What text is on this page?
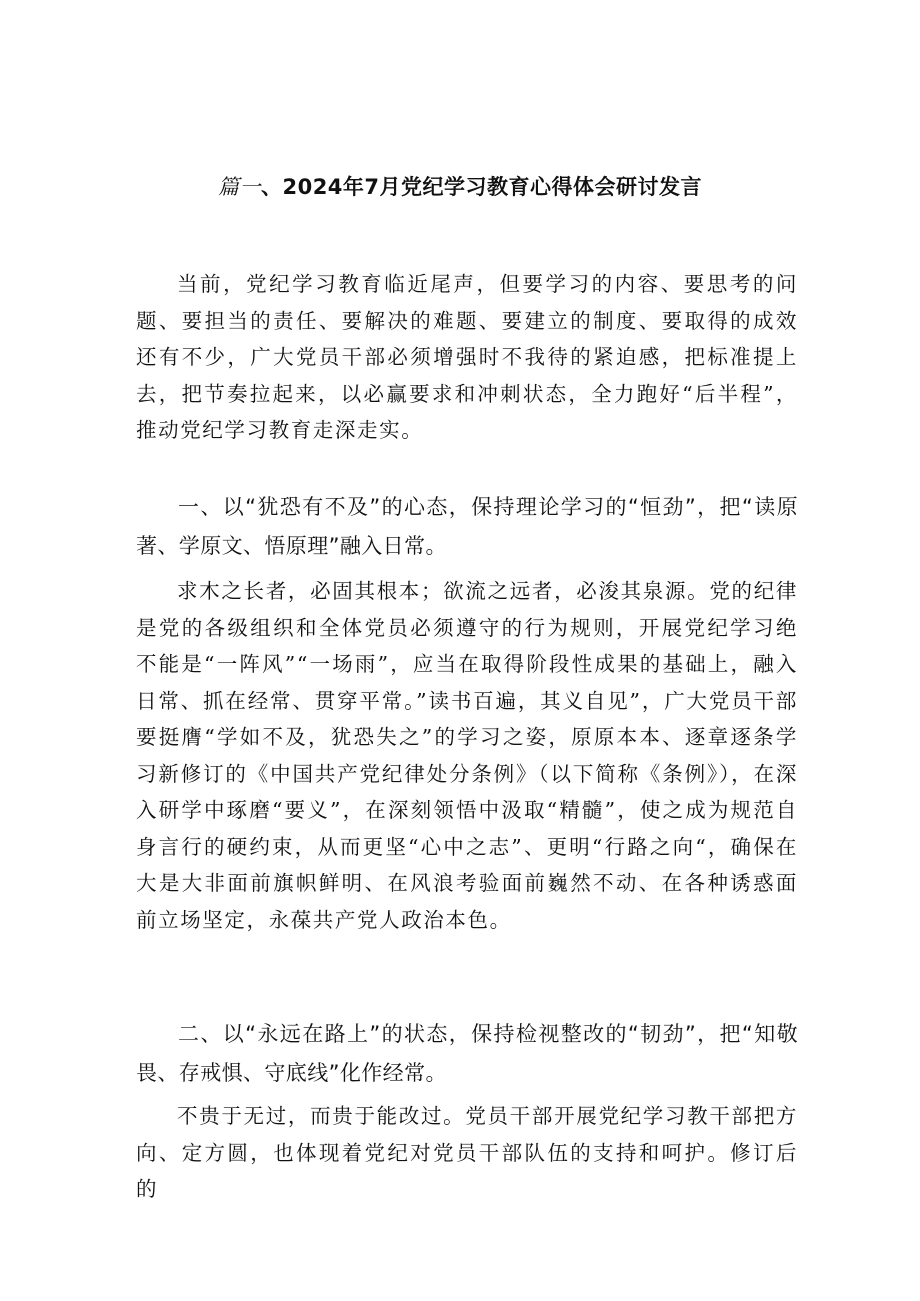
篇一、2024年7月党纪学习教育心得体会研讨发言

当前，党纪学习教育临近尾声，但要学习的内容、要思考的问题、要担当的责任、要解决的难题、要建立的制度、要取得的成效还有不少，广大党员干部必须增强时不我待的紧迫感，把标准提上去，把节奏拉起来，以必赢要求和冲刺状态，全力跑好“后半程”，推动党纪学习教育走深走实。

一、以“犹恐有不及”的心态，保持理论学习的“恒劲”，把“读原著、学原文、悟原理”融入日常。

求木之长者，必固其根本；欲流之远者，必浚其泉源。党的纪律是党的各级组织和全体党员必须遵守的行为规则，开展党纪学习绝不能是“一阵风”“一场雨”，应当在取得阶段性成果的基础上，融入日常、抓在经常、贯穿平常。”读书百遍，其义自见”，广大党员干部要挺膺“学如不及，犹恐失之”的学习之姿，原原本本、逐章逐条学习新修订的《中国共产党纪律处分条例》（以下简称《条例》），在深入研学中琢磨“要义”，在深刻领悟中汲取“精髓”，使之成为规范自身言行的硬约束，从而更坚“心中之志”、更明“行路之向“，确保在大是大非面前旗帜鲜明、在风浪考验面前巍然不动、在各种诱惑面前立场坚定，永葆共产党人政治本色。

二、以“永远在路上”的状态，保持检视整改的“韧劲”，把“知敬畏、存戒惧、守底线”化作经常。

不贵于无过，而贵于能改过。党员干部开展党纪学习教干部把方向、定方圆，也体现着党纪对党员干部队伍的支持和呵护。修订后的
